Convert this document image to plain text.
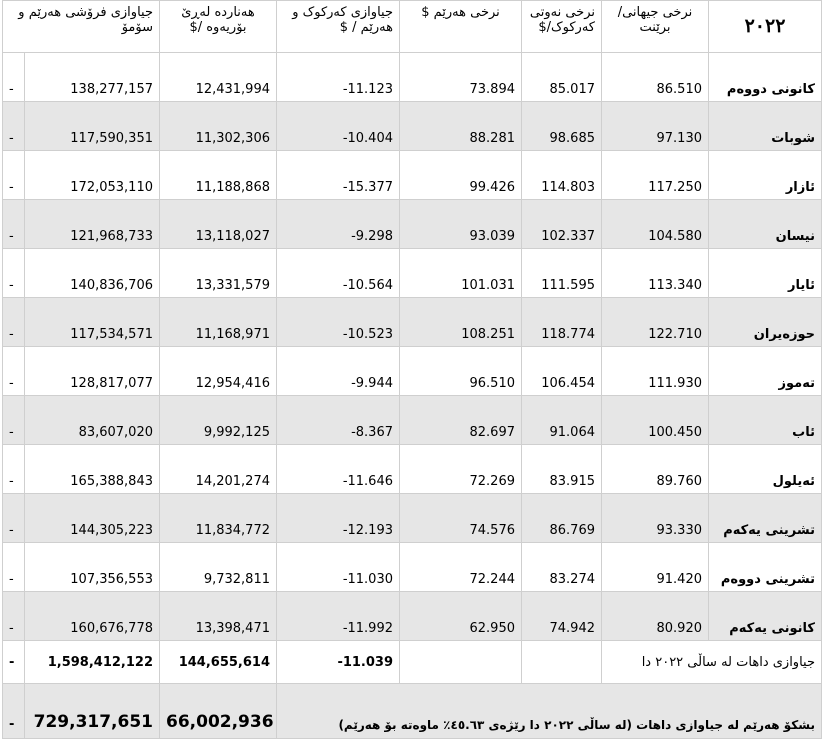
جیاوازی فرۆشی هەرێم و سۆمۆ		هەناردە لەڕێ بۆریەوە /$	جیاوازی کەرکوک و هەرێم / $	نرخی هەرێم $	نرخی نەوتی کەرکوک/$	نرخی جیهانی/برێنت	٢٠٢٢
-	138,277,157	12,431,994	-11.123	73.894	85.017	86.510	کانونی دووەم
-	117,590,351	11,302,306	-10.404	88.281	98.685	97.130	شوبات
-	172,053,110	11,188,868	-15.377	99.426	114.803	117.250	ئازار
-	121,968,733	13,118,027	-9.298	93.039	102.337	104.580	نیسان
-	140,836,706	13,331,579	-10.564	101.031	111.595	113.340	ئایار
-	117,534,571	11,168,971	-10.523	108.251	118.774	122.710	حوزەیران
-	128,817,077	12,954,416	-9.944	96.510	106.454	111.930	تەموز
-	83,607,020	9,992,125	-8.367	82.697	91.064	100.450	ئاب
-	165,388,843	14,201,274	-11.646	72.269	83.915	89.760	ئەیلول
-	144,305,223	11,834,772	-12.193	74.576	86.769	93.330	تشرینی یەکەم
-	107,356,553	9,732,811	-11.030	72.244	83.274	91.420	تشرینی دووەم
-	160,676,778	13,398,471	-11.992	62.950	74.942	80.920	کانونی یەکەم
-	1,598,412,122	144,655,614	-11.039			جیاوازی داهات لە ساڵی ٢٠٢٢ دا	
-	729,317,651	66,002,936	بشکۆ هەرێم لە جیاوازی داهات (لە ساڵی ٢٠٢٢ دا رێژەی ٤٥.٦٣٪ ماوەتە بۆ هەرێم)				
